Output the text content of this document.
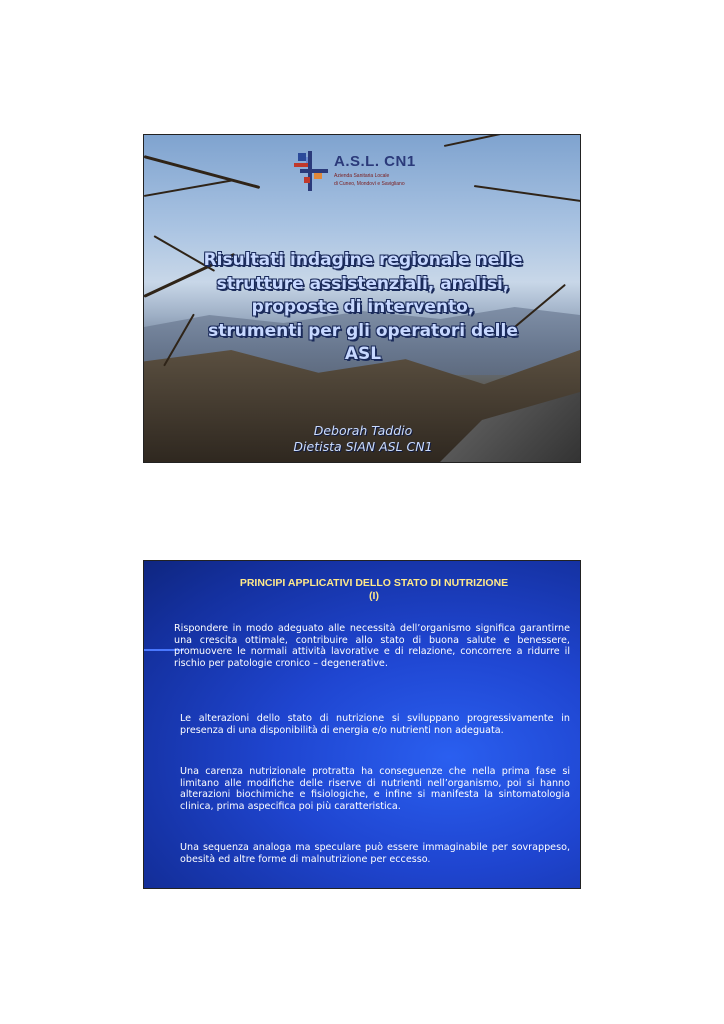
A.S.L. CN1
Azienda Sanitaria Locale
di Cuneo, Mondovì e Savigliano
Risultati indagine regionale nelle
strutture assistenziali, analisi,
proposte di intervento,
strumenti per gli operatori delle
ASL
Deborah Taddio
Dietista SIAN ASL CN1
PRINCIPI APPLICATIVI DELLO STATO DI NUTRIZIONE
(I)
Rispondere in modo adeguato alle necessità dell’organismo significa garantirne una crescita ottimale, contribuire allo stato di buona salute e benessere, promuovere le normali attività lavorative e di relazione, concorrere a ridurre il rischio per patologie cronico – degenerative.
Le alterazioni dello stato di nutrizione si sviluppano progressivamente in presenza di una disponibilità di energia e/o nutrienti non adeguata.
Una carenza nutrizionale protratta ha conseguenze che nella prima fase si limitano alle modifiche delle riserve di nutrienti nell’organismo, poi si hanno alterazioni biochimiche e fisiologiche, e infine si manifesta la sintomatologia clinica, prima aspecifica poi più caratteristica.
Una sequenza analoga ma speculare può essere immaginabile per sovrappeso, obesità ed altre forme di malnutrizione per eccesso.
